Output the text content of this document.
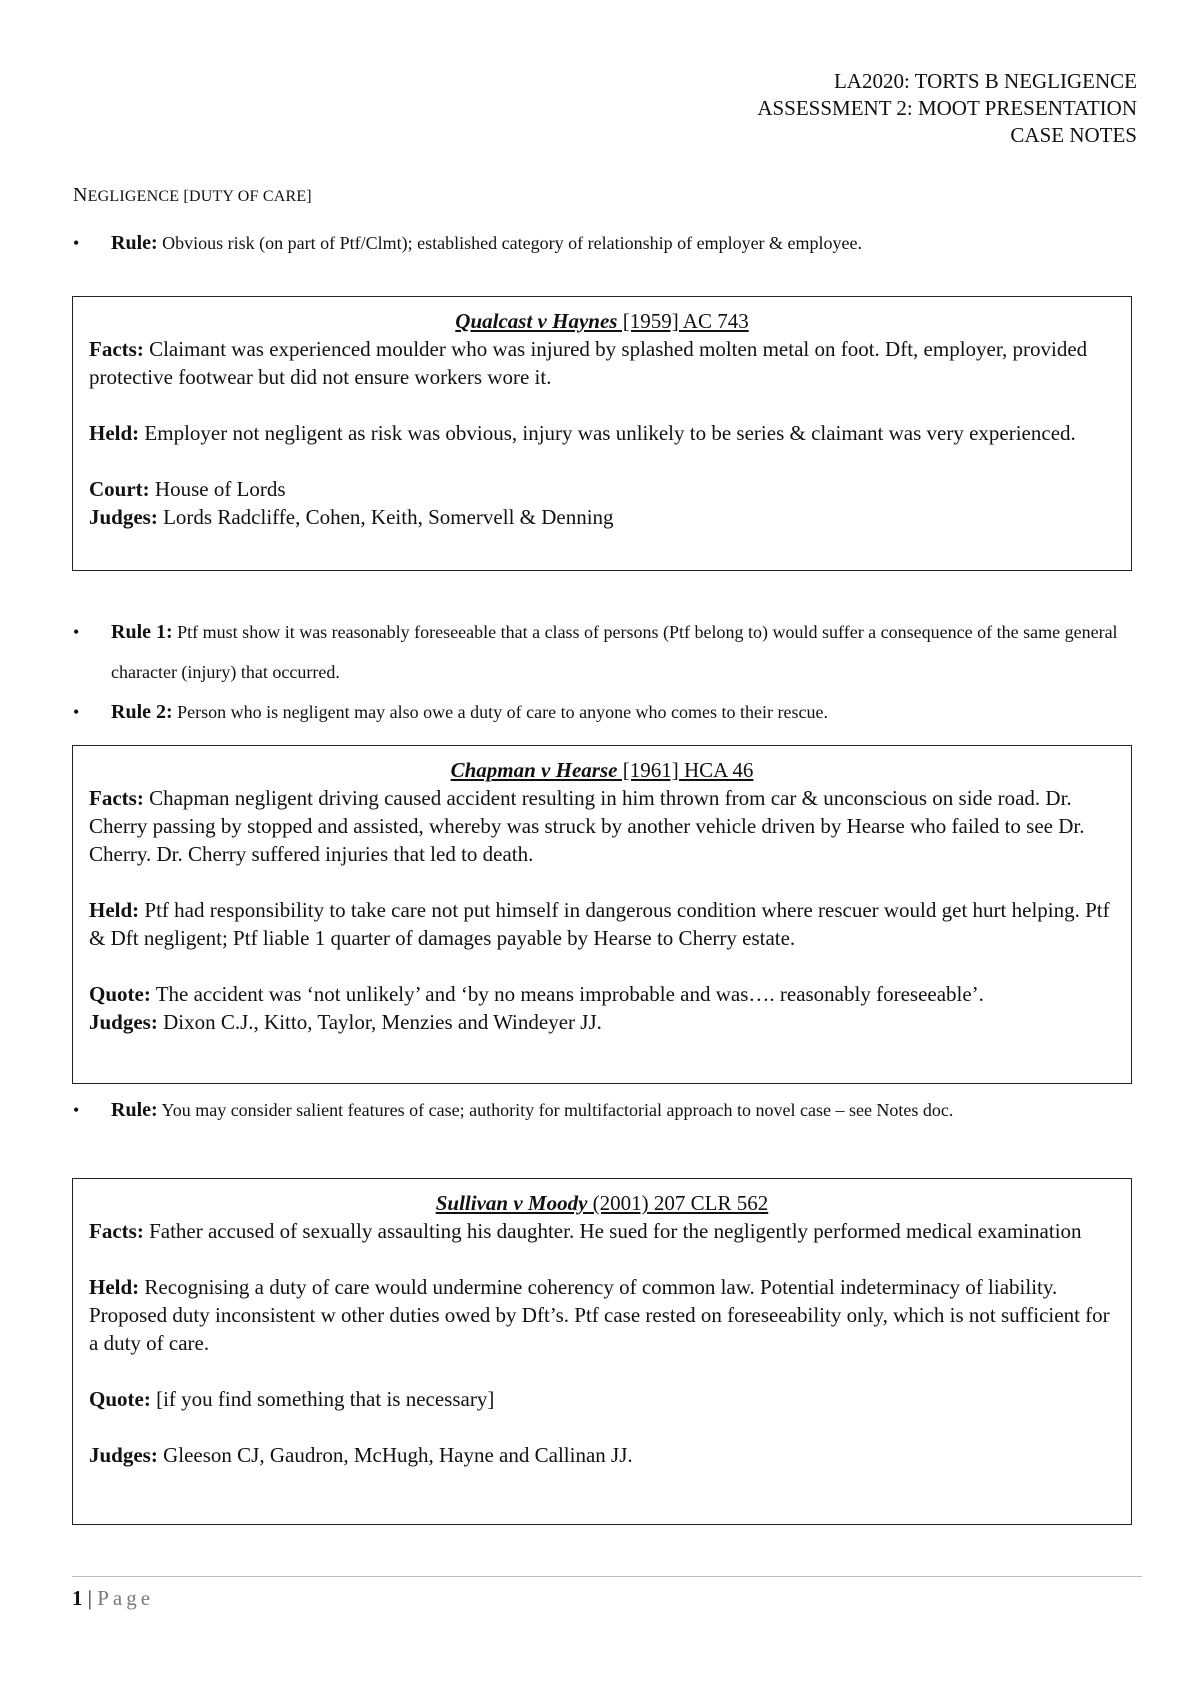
LA2020: TORTS B NEGLIGENCE
ASSESSMENT 2: MOOT PRESENTATION
CASE NOTES
NEGLIGENCE [DUTY OF CARE]
•	Rule: Obvious risk (on part of Ptf/Clmt); established category of relationship of employer & employee.
Qualcast v Haynes [1959] AC 743

Facts: Claimant was experienced moulder who was injured by splashed molten metal on foot. Dft, employer, provided protective footwear but did not ensure workers wore it.

Held: Employer not negligent as risk was obvious, injury was unlikely to be series & claimant was very experienced.

Court: House of Lords

Judges: Lords Radcliffe, Cohen, Keith, Somervell & Denning

•	Rule 1: Ptf must show it was reasonably foreseeable that a class of persons (Ptf belong to) would suffer a consequence of the same general character (injury) that occurred.
•	Rule 2: Person who is negligent may also owe a duty of care to anyone who comes to their rescue.
Chapman v Hearse [1961] HCA 46

Facts: Chapman negligent driving caused accident resulting in him thrown from car & unconscious on side road. Dr. Cherry passing by stopped and assisted, whereby was struck by another vehicle driven by Hearse who failed to see Dr. Cherry. Dr. Cherry suffered injuries that led to death.

Held: Ptf had responsibility to take care not put himself in dangerous condition where rescuer would get hurt helping. Ptf & Dft negligent; Ptf liable 1 quarter of damages payable by Hearse to Cherry estate.

Quote: The accident was ‘not unlikely’ and ‘by no means improbable and was…. reasonably foreseeable’.

Judges: Dixon C.J., Kitto, Taylor, Menzies and Windeyer JJ.

•	Rule: You may consider salient features of case; authority for multifactorial approach to novel case – see Notes doc.
Sullivan v Moody (2001) 207 CLR 562

Facts: Father accused of sexually assaulting his daughter. He sued for the negligently performed medical examination

Held: Recognising a duty of care would undermine coherency of common law. Potential indeterminacy of liability. Proposed duty inconsistent w other duties owed by Dft’s. Ptf case rested on foreseeability only, which is not sufficient for a duty of care.

Quote: [if you find something that is necessary]

Judges: Gleeson CJ, Gaudron, McHugh, Hayne and Callinan JJ.

1 | Page
